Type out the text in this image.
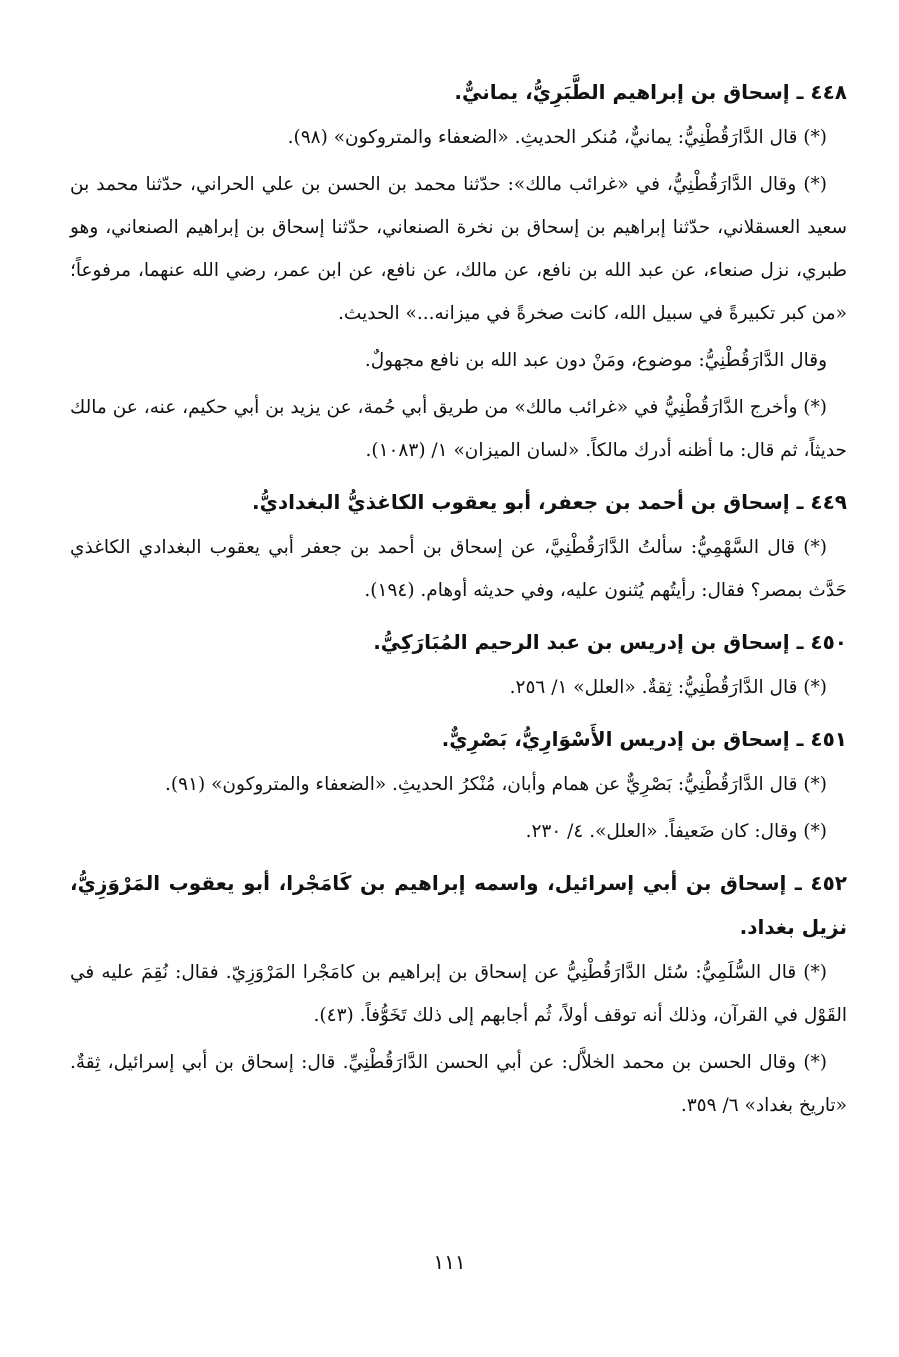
٤٤٨ ـ إسحاق بن إبراهيم الطَّبَرِيُّ، يمانيٌّ.

(*) قال الدَّارَقُطْنِيُّ: يمانيٌّ، مُنكر الحديثِ. «الضعفاء والمتروكون» (٩٨).

(*) وقال الدَّارَقُطْنِيُّ، في «غرائب مالك»: حدّثنا محمد بن الحسن بن علي الحراني، حدّثنا محمد بن سعيد العسقلاني، حدّثنا إبراهيم بن إسحاق بن نخرة الصنعاني، حدّثنا إسحاق بن إبراهيم الصنعاني، وهو طبري، نزل صنعاء، عن عبد الله بن نافع، عن مالك، عن نافع، عن ابن عمر، رضي الله عنهما، مرفوعاً؛ «من كبر تكبيرةً في سبيل الله، كانت صخرةً في ميزانه...» الحديث.

وقال الدَّارَقُطْنِيُّ: موضوع، ومَنْ دون عبد الله بن نافع مجهولٌ.

(*) وأخرج الدَّارَقُطْنِيُّ في «غرائب مالك» من طريق أبي حُمة، عن يزيد بن أبي حكيم، عنه، عن مالك حديثاً، ثم قال: ما أظنه أدرك مالكاً. «لسان الميزان» ١/ (١٠٨٣).

٤٤٩ ـ إسحاق بن أحمد بن جعفر، أبو يعقوب الكاغذيُّ البغداديُّ.

(*) قال السَّهْمِيُّ: سألتُ الدَّارَقُطْنِيَّ، عن إسحاق بن أحمد بن جعفر أبي يعقوب البغدادي الكاغذي حَدَّث بمصر؟ فقال: رأيتُهم يُثنون عليه، وفي حديثه أوهام. (١٩٤).

٤٥٠ ـ إسحاق بن إدريس بن عبد الرحيم المُبَارَكِيُّ.

(*) قال الدَّارَقُطْنِيُّ: ثِقةٌ. «العلل» ١/ ٢٥٦.

٤٥١ ـ إسحاق بن إدريس الأَسْوَارِيُّ، بَصْرِيٌّ.

(*) قال الدَّارَقُطْنِيُّ: بَصْرِيٌّ عن همام وأبان، مُنْكرُ الحديثِ. «الضعفاء والمتروكون» (٩١).

(*) وقال: كان ضَعيفاً. «العلل». ٤/ ٢٣٠.

٤٥٢ ـ إسحاق بن أبي إسرائيل، واسمه إبراهيم بن كَامَجْرا، أبو يعقوب المَرْوَزِيُّ، نزيل بغداد.

(*) قال السُّلَمِيُّ: سُئل الدَّارَقُطْنِيُّ عن إسحاق بن إبراهيم بن كامَجْرا المَرْوَزِيّ. فقال: نُقِمَ عليه في القَوْل في القرآن، وذلك أنه توقف أولاً، ثُم أجابهم إلى ذلك تَخَوُّفاً. (٤٣).

(*) وقال الحسن بن محمد الخلاَّل: عن أبي الحسن الدَّارَقُطْنِيِّ. قال: إسحاق بن أبي إسرائيل، ثِقةٌ. «تاريخ بغداد» ٦/ ٣٥٩.

١١١
